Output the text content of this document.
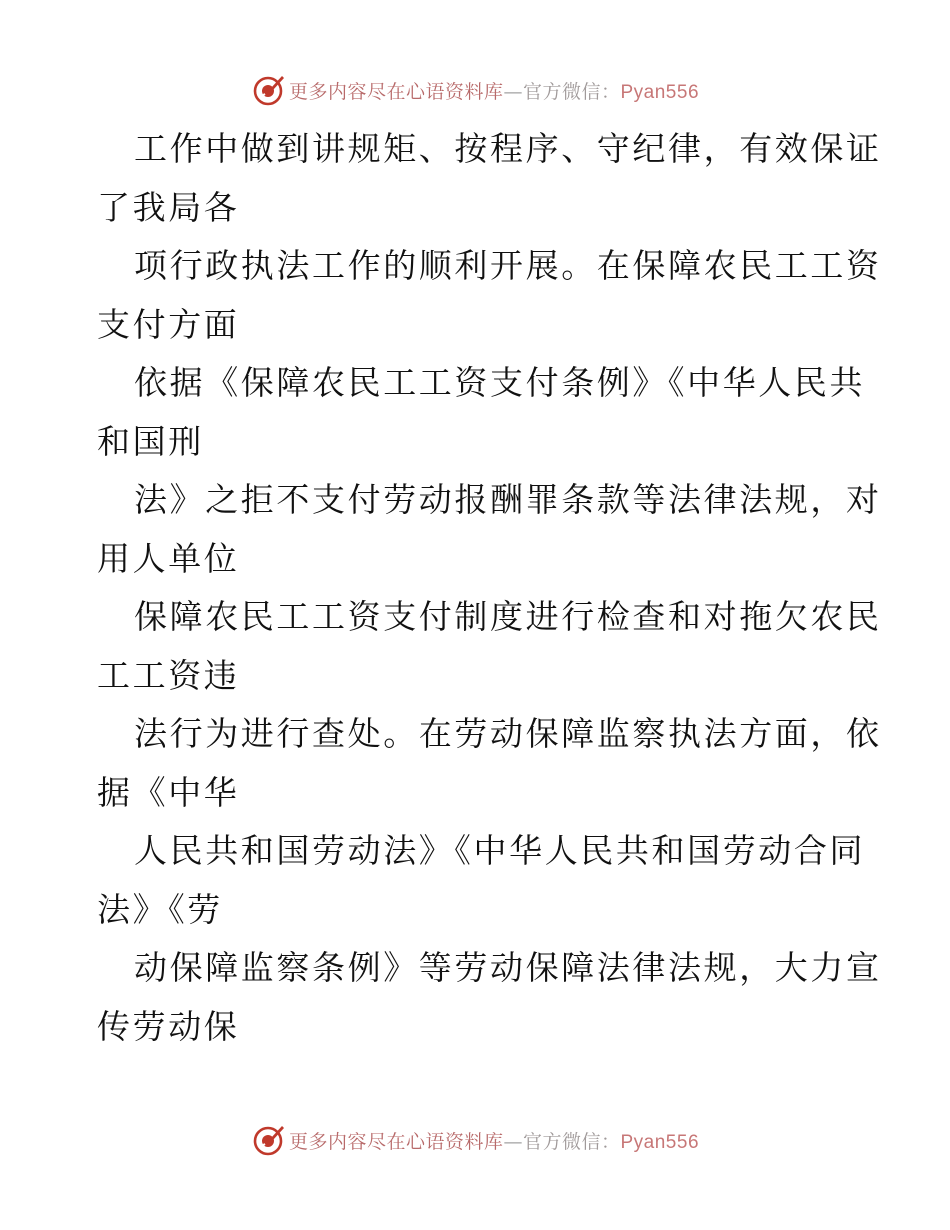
更多内容尽在心语资料库—官方微信：Pyan556
工作中做到讲规矩、按程序、守纪律，有效保证
了我局各
项行政执法工作的顺利开展。在保障农民工工资
支付方面
依据《保障农民工工资支付条例》《中华人民共
和国刑
法》之拒不支付劳动报酬罪条款等法律法规，对
用人单位
保障农民工工资支付制度进行检查和对拖欠农民
工工资违
法行为进行查处。在劳动保障监察执法方面，依
据《中华
人民共和国劳动法》《中华人民共和国劳动合同
法》《劳
动保障监察条例》等劳动保障法律法规，大力宣
传劳动保
更多内容尽在心语资料库—官方微信：Pyan556
